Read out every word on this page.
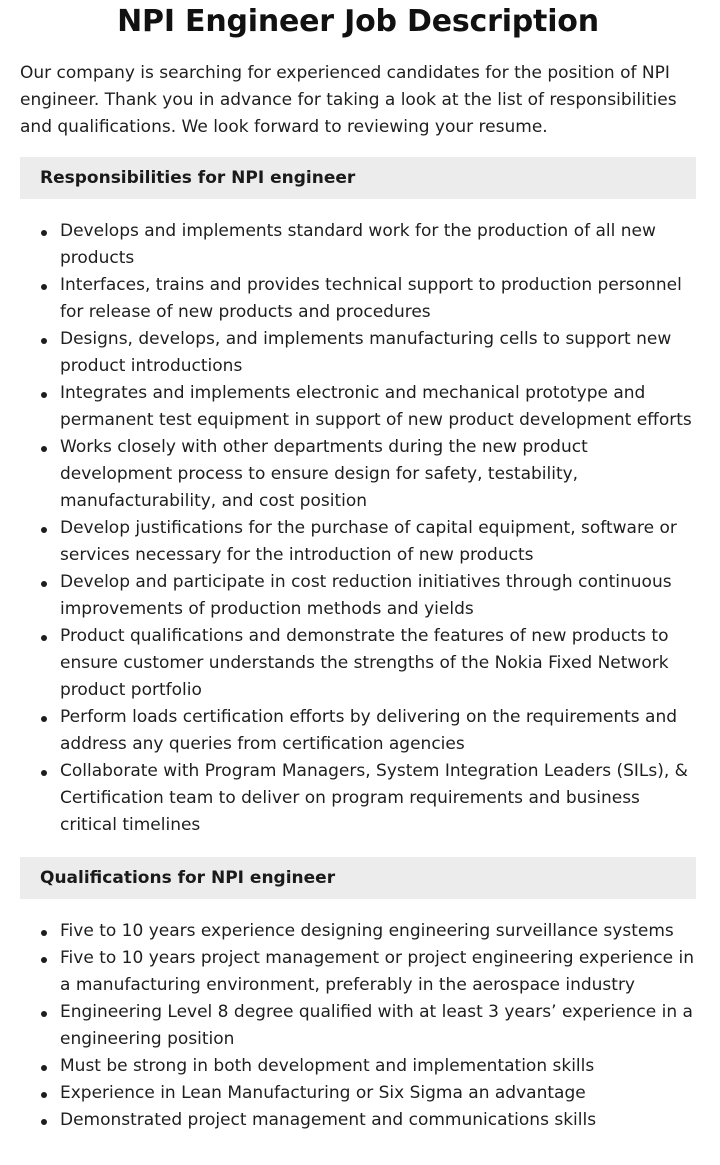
NPI Engineer Job Description

Our company is searching for experienced candidates for the position of NPI engineer. Thank you in advance for taking a look at the list of responsibilities and qualifications. We look forward to reviewing your resume.

Responsibilities for NPI engineer
Develops and implements standard work for the production of all new products
Interfaces, trains and provides technical support to production personnel for release of new products and procedures
Designs, develops, and implements manufacturing cells to support new product introductions
Integrates and implements electronic and mechanical prototype and permanent test equipment in support of new product development efforts
Works closely with other departments during the new product development process to ensure design for safety, testability, manufacturability, and cost position
Develop justifications for the purchase of capital equipment, software or services necessary for the introduction of new products
Develop and participate in cost reduction initiatives through continuous improvements of production methods and yields
Product qualifications and demonstrate the features of new products to ensure customer understands the strengths of the Nokia Fixed Network product portfolio
Perform loads certification efforts by delivering on the requirements and address any queries from certification agencies
Collaborate with Program Managers, System Integration Leaders (SILs), & Certification team to deliver on program requirements and business critical timelines
Qualifications for NPI engineer
Five to 10 years experience designing engineering surveillance systems
Five to 10 years project management or project engineering experience in a manufacturing environment, preferably in the aerospace industry
Engineering Level 8 degree qualified with at least 3 years’ experience in a engineering position
Must be strong in both development and implementation skills
Experience in Lean Manufacturing or Six Sigma an advantage
Demonstrated project management and communications skills
